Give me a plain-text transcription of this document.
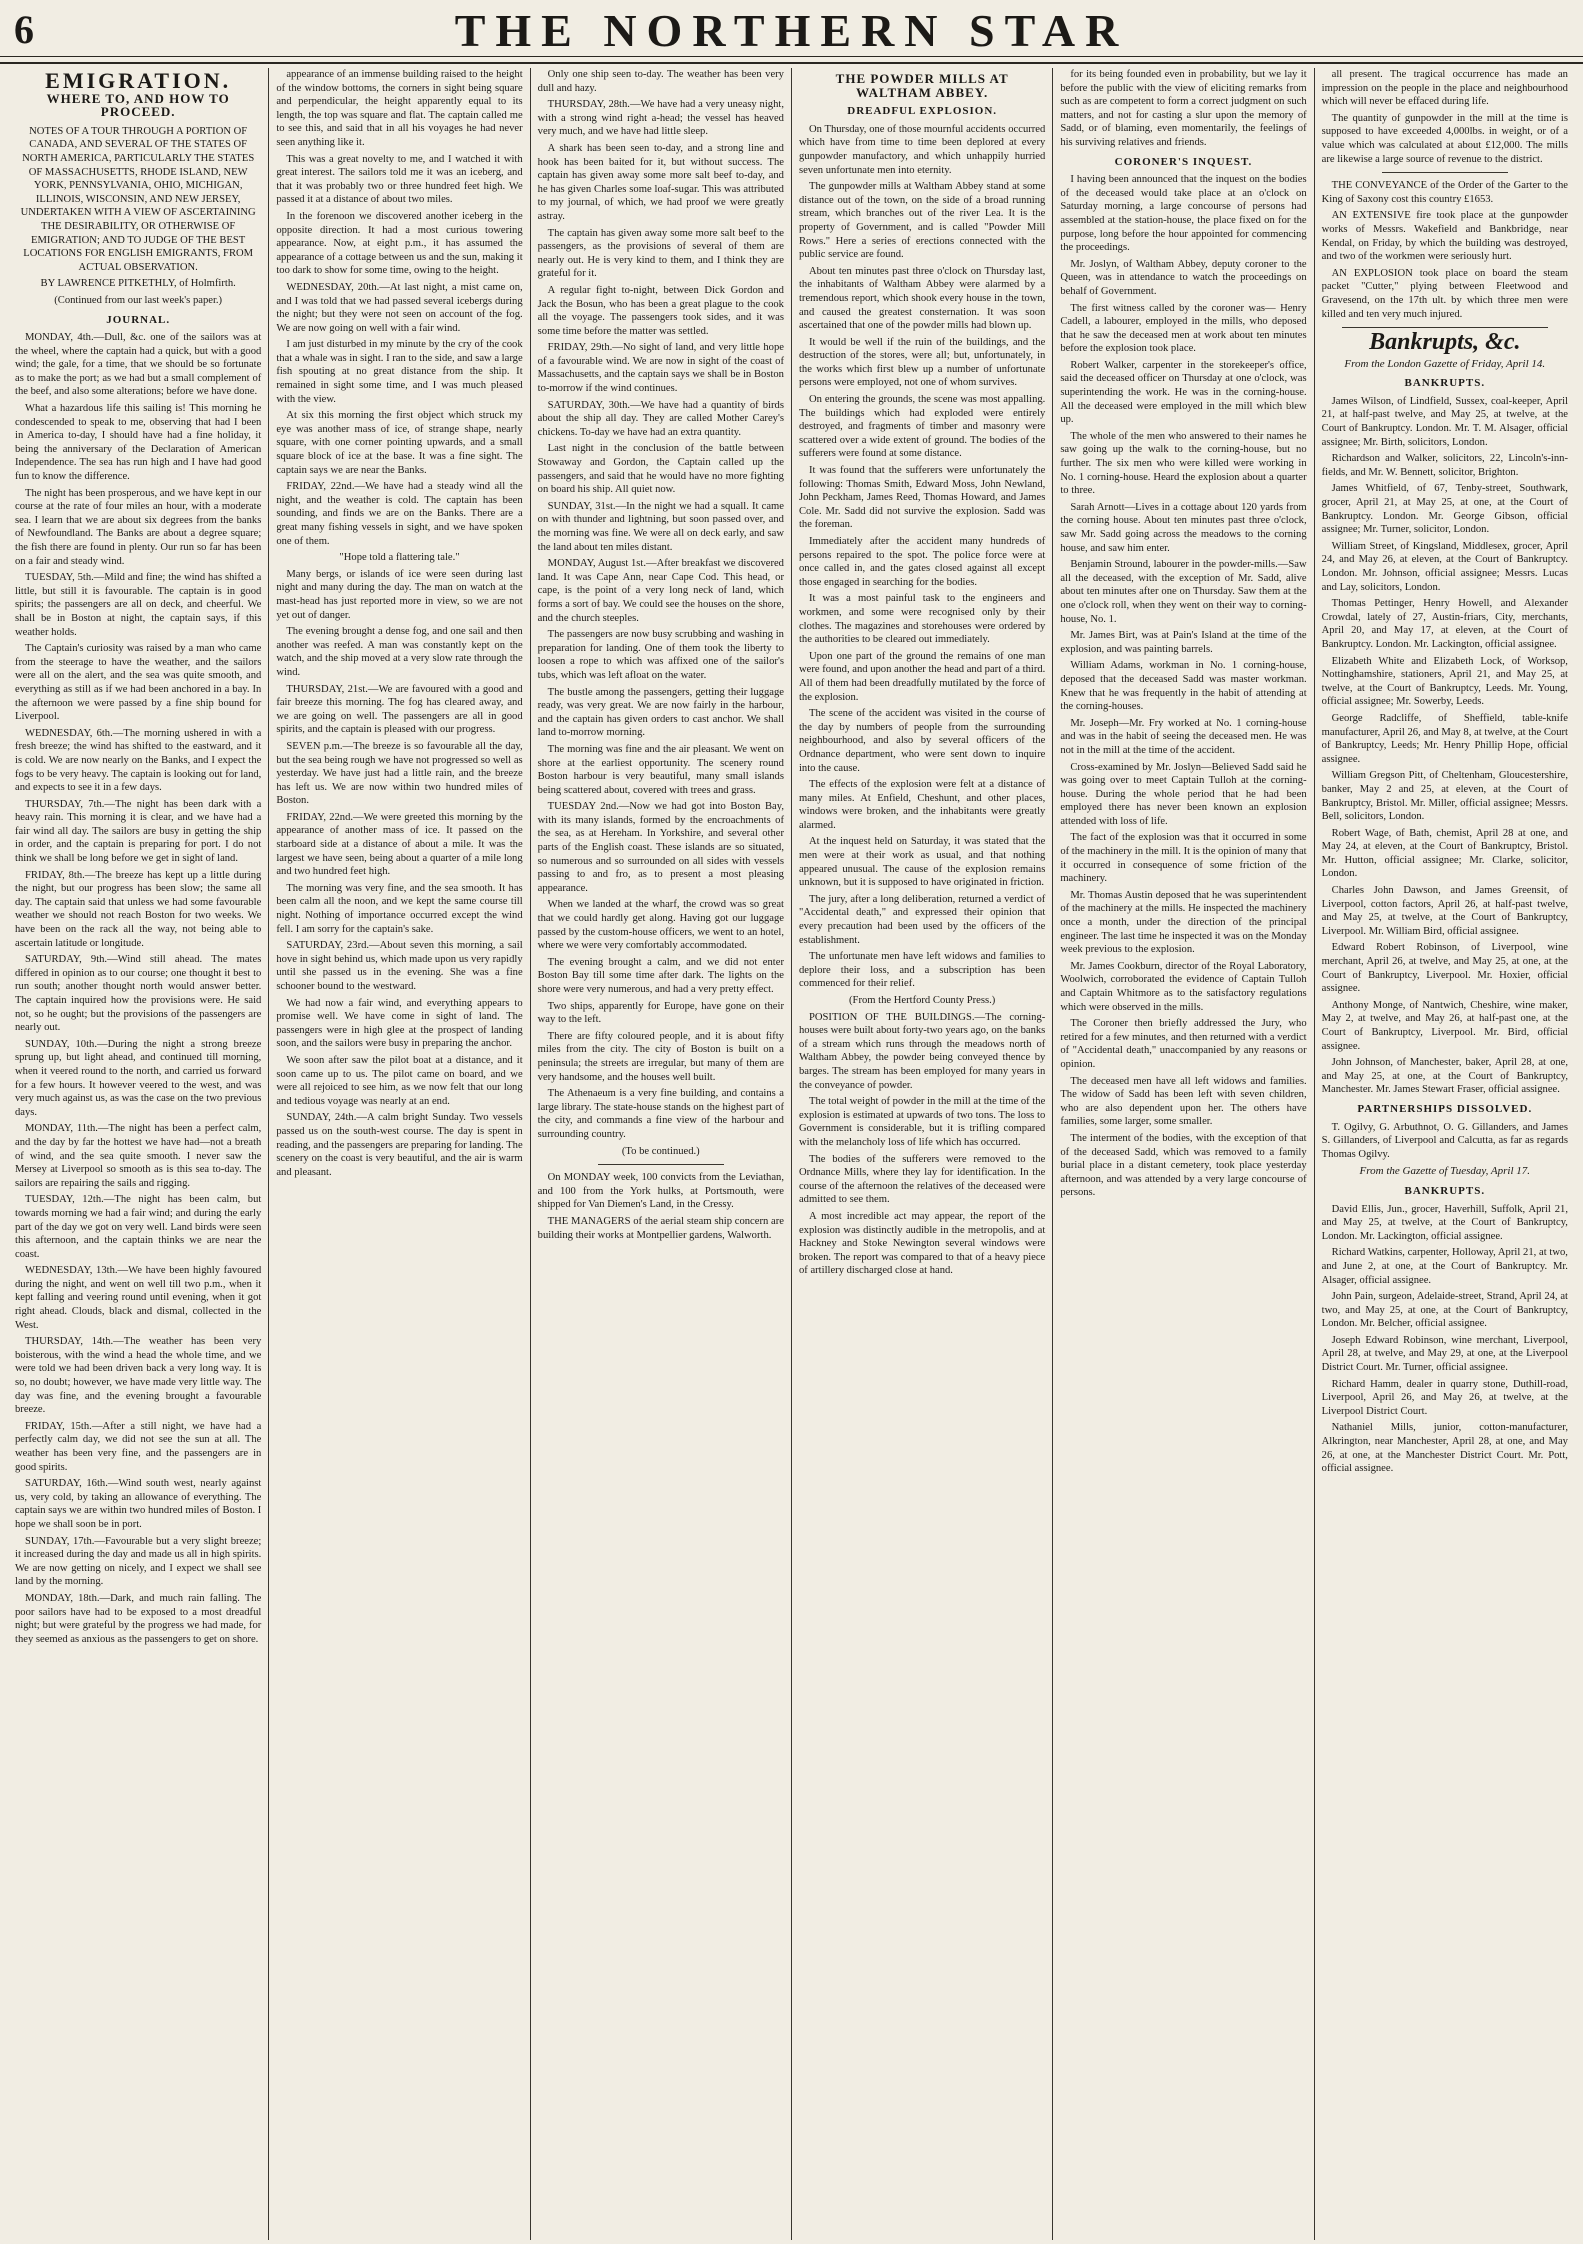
6	THE NORTHERN STAR
EMIGRATION.
WHERE TO, AND HOW TO PROCEED.

NOTES OF A TOUR THROUGH A PORTION OF CANADA, AND SEVERAL OF THE STATES OF NORTH AMERICA, PARTICULARLY THE STATES OF MASSACHUSETTS, RHODE ISLAND, NEW YORK, PENNSYLVANIA, OHIO, MICHIGAN, ILLINOIS, WISCONSIN, AND NEW JERSEY, UNDERTAKEN WITH A VIEW OF ASCERTAINING THE DESIRABILITY, OR OTHERWISE OF EMIGRATION; AND TO JUDGE OF THE BEST LOCATIONS FOR ENGLISH EMIGRANTS, FROM ACTUAL OBSERVATION.

BY LAWRENCE PITKETHLY, of Holmfirth.

(Continued from our last week's paper.)

JOURNAL.

MONDAY, 4th.—Dull, &c. one of the sailors was at the wheel, where the captain had a quick, but with a good wind; the gale, for a time, that we should be so fortunate as to make the port; as we had but a small complement of the beef, and also some alterations; before we have done.

What a hazardous life this sailing is! This morning he condescended to speak to me, observing that had I been in America to-day, I should have had a fine holiday, it being the anniversary of the Declaration of American Independence. The sea has run high and I have had good fun to know the difference.

The night has been prosperous, and we have kept in our course at the rate of four miles an hour, with a moderate sea. I learn that we are about six degrees from the banks of Newfoundland. The Banks are about a degree square; the fish there are found in plenty. Our run so far has been on a fair and steady wind.

TUESDAY, 5th.—Mild and fine; the wind has shifted a little, but still it is favourable. The captain is in good spirits; the passengers are all on deck, and cheerful. We shall be in Boston at night, the captain says, if this weather holds.

The Captain's curiosity was raised by a man who came from the steerage to have the weather, and the sailors were all on the alert, and the sea was quite smooth, and everything as still as if we had been anchored in a bay. In the afternoon we were passed by a fine ship bound for Liverpool.

WEDNESDAY, 6th.—The morning ushered in with a fresh breeze; the wind has shifted to the eastward, and it is cold. We are now nearly on the Banks, and I expect the fogs to be very heavy. The captain is looking out for land, and expects to see it in a few days.

THURSDAY, 7th.—The night has been dark with a heavy rain. This morning it is clear, and we have had a fair wind all day. The sailors are busy in getting the ship in order, and the captain is preparing for port. I do not think we shall be long before we get in sight of land.

FRIDAY, 8th.—The breeze has kept up a little during the night, but our progress has been slow; the same all day. The captain said that unless we had some favourable weather we should not reach Boston for two weeks. We have been on the rack all the way, not being able to ascertain latitude or longitude.

SATURDAY, 9th.—Wind still ahead. The mates differed in opinion as to our course; one thought it best to run south; another thought north would answer better. The captain inquired how the provisions were. He said not, so he ought; but the provisions of the passengers are nearly out.

SUNDAY, 10th.—During the night a strong breeze sprung up, but light ahead, and continued till morning, when it veered round to the north, and carried us forward for a few hours. It however veered to the west, and was very much against us, as was the case on the two previous days.

MONDAY, 11th.—The night has been a perfect calm, and the day by far the hottest we have had—not a breath of wind, and the sea quite smooth. I never saw the Mersey at Liverpool so smooth as is this sea to-day. The sailors are repairing the sails and rigging.

TUESDAY, 12th.—The night has been calm, but towards morning we had a fair wind; and during the early part of the day we got on very well. Land birds were seen this afternoon, and the captain thinks we are near the coast.

WEDNESDAY, 13th.—We have been highly favoured during the night, and went on well till two p.m., when it kept falling and veering round until evening, when it got right ahead. Clouds, black and dismal, collected in the West.

THURSDAY, 14th.—The weather has been very boisterous, with the wind a head the whole time, and we were told we had been driven back a very long way. It is so, no doubt; however, we have made very little way. The day was fine, and the evening brought a favourable breeze.

FRIDAY, 15th.—After a still night, we have had a perfectly calm day, we did not see the sun at all. The weather has been very fine, and the passengers are in good spirits.

SATURDAY, 16th.—Wind south west, nearly against us, very cold, by taking an allowance of everything. The captain says we are within two hundred miles of Boston. I hope we shall soon be in port.

SUNDAY, 17th.—Favourable but a very slight breeze; it increased during the day and made us all in high spirits. We are now getting on nicely, and I expect we shall see land by the morning.

MONDAY, 18th.—Dark, and much rain falling. The poor sailors have had to be exposed to a most dreadful night; but were grateful by the progress we had made, for they seemed as anxious as the passengers to get on shore.

appearance of an immense building raised to the height of the window bottoms, the corners in sight being square and perpendicular, the height apparently equal to its length, the top was square and flat. The captain called me to see this, and said that in all his voyages he had never seen anything like it.

This was a great novelty to me, and I watched it with great interest. The sailors told me it was an iceberg, and that it was probably two or three hundred feet high. We passed it at a distance of about two miles.

In the forenoon we discovered another iceberg in the opposite direction. It had a most curious towering appearance. Now, at eight p.m., it has assumed the appearance of a cottage between us and the sun, making it too dark to show for some time, owing to the height.

WEDNESDAY, 20th.—At last night, a mist came on, and I was told that we had passed several icebergs during the night; but they were not seen on account of the fog. We are now going on well with a fair wind.

I am just disturbed in my minute by the cry of the cook that a whale was in sight. I ran to the side, and saw a large fish spouting at no great distance from the ship. It remained in sight some time, and I was much pleased with the view.

At six this morning the first object which struck my eye was another mass of ice, of strange shape, nearly square, with one corner pointing upwards, and a small square block of ice at the base. It was a fine sight. The captain says we are near the Banks.

FRIDAY, 22nd.—We have had a steady wind all the night, and the weather is cold. The captain has been sounding, and finds we are on the Banks. There are a great many fishing vessels in sight, and we have spoken one of them.

"Hope told a flattering tale."

Many bergs, or islands of ice were seen during last night and many during the day. The man on watch at the mast-head has just reported more in view, so we are not yet out of danger.

The evening brought a dense fog, and one sail and then another was reefed. A man was constantly kept on the watch, and the ship moved at a very slow rate through the wind.

THURSDAY, 21st.—We are favoured with a good and fair breeze this morning. The fog has cleared away, and we are going on well. The passengers are all in good spirits, and the captain is pleased with our progress.

SEVEN p.m.—The breeze is so favourable all the day, but the sea being rough we have not progressed so well as yesterday. We have just had a little rain, and the breeze has left us. We are now within two hundred miles of Boston.

FRIDAY, 22nd.—We were greeted this morning by the appearance of another mass of ice. It passed on the starboard side at a distance of about a mile. It was the largest we have seen, being about a quarter of a mile long and two hundred feet high.

The morning was very fine, and the sea smooth. It has been calm all the noon, and we kept the same course till night. Nothing of importance occurred except the wind fell. I am sorry for the captain's sake.

SATURDAY, 23rd.—About seven this morning, a sail hove in sight behind us, which made upon us very rapidly until she passed us in the evening. She was a fine schooner bound to the westward.

We had now a fair wind, and everything appears to promise well. We have come in sight of land. The passengers were in high glee at the prospect of landing soon, and the sailors were busy in preparing the anchor.

We soon after saw the pilot boat at a distance, and it soon came up to us. The pilot came on board, and we were all rejoiced to see him, as we now felt that our long and tedious voyage was nearly at an end.

SUNDAY, 24th.—A calm bright Sunday. Two vessels passed us on the south-west course. The day is spent in reading, and the passengers are preparing for landing. The scenery on the coast is very beautiful, and the air is warm and pleasant.

Only one ship seen to-day. The weather has been very dull and hazy.

THURSDAY, 28th.—We have had a very uneasy night, with a strong wind right a-head; the vessel has heaved very much, and we have had little sleep.

A shark has been seen to-day, and a strong line and hook has been baited for it, but without success. The captain has given away some more salt beef to-day, and he has given Charles some loaf-sugar. This was attributed to my journal, of which, we had proof we were greatly astray.

The captain has given away some more salt beef to the passengers, as the provisions of several of them are nearly out. He is very kind to them, and I think they are grateful for it.

A regular fight to-night, between Dick Gordon and Jack the Bosun, who has been a great plague to the cook all the voyage. The passengers took sides, and it was some time before the matter was settled.

FRIDAY, 29th.—No sight of land, and very little hope of a favourable wind. We are now in sight of the coast of Massachusetts, and the captain says we shall be in Boston to-morrow if the wind continues.

SATURDAY, 30th.—We have had a quantity of birds about the ship all day. They are called Mother Carey's chickens. To-day we have had an extra quantity.

Last night in the conclusion of the battle between Stowaway and Gordon, the Captain called up the passengers, and said that he would have no more fighting on board his ship. All quiet now.

SUNDAY, 31st.—In the night we had a squall. It came on with thunder and lightning, but soon passed over, and the morning was fine. We were all on deck early, and saw the land about ten miles distant.

MONDAY, August 1st.—After breakfast we discovered land. It was Cape Ann, near Cape Cod. This head, or cape, is the point of a very long neck of land, which forms a sort of bay. We could see the houses on the shore, and the church steeples.

The passengers are now busy scrubbing and washing in preparation for landing. One of them took the liberty to loosen a rope to which was affixed one of the sailor's tubs, which was left afloat on the water.

The bustle among the passengers, getting their luggage ready, was very great. We are now fairly in the harbour, and the captain has given orders to cast anchor. We shall land to-morrow morning.

The morning was fine and the air pleasant. We went on shore at the earliest opportunity. The scenery round Boston harbour is very beautiful, many small islands being scattered about, covered with trees and grass.

TUESDAY 2nd.—Now we had got into Boston Bay, with its many islands, formed by the encroachments of the sea, as at Hereham. In Yorkshire, and several other parts of the English coast. These islands are so situated, so numerous and so surrounded on all sides with vessels passing to and fro, as to present a most pleasing appearance.

When we landed at the wharf, the crowd was so great that we could hardly get along. Having got our luggage passed by the custom-house officers, we went to an hotel, where we were very comfortably accommodated.

The evening brought a calm, and we did not enter Boston Bay till some time after dark. The lights on the shore were very numerous, and had a very pretty effect.

Two ships, apparently for Europe, have gone on their way to the left.

There are fifty coloured people, and it is about fifty miles from the city. The city of Boston is built on a peninsula; the streets are irregular, but many of them are very handsome, and the houses well built.

The Athenaeum is a very fine building, and contains a large library. The state-house stands on the highest part of the city, and commands a fine view of the harbour and surrounding country.

(To be continued.)

On MONDAY week, 100 convicts from the Leviathan, and 100 from the York hulks, at Portsmouth, were shipped for Van Diemen's Land, in the Cressy.

THE MANAGERS of the aerial steam ship concern are building their works at Montpellier gardens, Walworth.

THE POWDER MILLS AT WALTHAM ABBEY.
DREADFUL EXPLOSION.

On Thursday, one of those mournful accidents occurred which have from time to time been deplored at every gunpowder manufactory, and which unhappily hurried seven unfortunate men into eternity.

The gunpowder mills at Waltham Abbey stand at some distance out of the town, on the side of a broad running stream, which branches out of the river Lea. It is the property of Government, and is called "Powder Mill Rows." Here a series of erections connected with the public service are found.

About ten minutes past three o'clock on Thursday last, the inhabitants of Waltham Abbey were alarmed by a tremendous report, which shook every house in the town, and caused the greatest consternation. It was soon ascertained that one of the powder mills had blown up.

It would be well if the ruin of the buildings, and the destruction of the stores, were all; but, unfortunately, in the works which first blew up a number of unfortunate persons were employed, not one of whom survives.

On entering the grounds, the scene was most appalling. The buildings which had exploded were entirely destroyed, and fragments of timber and masonry were scattered over a wide extent of ground. The bodies of the sufferers were found at some distance.

It was found that the sufferers were unfortunately the following: Thomas Smith, Edward Moss, John Newland, John Peckham, James Reed, Thomas Howard, and James Cole. Mr. Sadd did not survive the explosion. Sadd was the foreman.

Immediately after the accident many hundreds of persons repaired to the spot. The police force were at once called in, and the gates closed against all except those engaged in searching for the bodies.

It was a most painful task to the engineers and workmen, and some were recognised only by their clothes. The magazines and storehouses were ordered by the authorities to be cleared out immediately.

Upon one part of the ground the remains of one man were found, and upon another the head and part of a third. All of them had been dreadfully mutilated by the force of the explosion.

The scene of the accident was visited in the course of the day by numbers of people from the surrounding neighbourhood, and also by several officers of the Ordnance department, who were sent down to inquire into the cause.

The effects of the explosion were felt at a distance of many miles. At Enfield, Cheshunt, and other places, windows were broken, and the inhabitants were greatly alarmed.

At the inquest held on Saturday, it was stated that the men were at their work as usual, and that nothing appeared unusual. The cause of the explosion remains unknown, but it is supposed to have originated in friction.

The jury, after a long deliberation, returned a verdict of "Accidental death," and expressed their opinion that every precaution had been used by the officers of the establishment.

The unfortunate men have left widows and families to deplore their loss, and a subscription has been commenced for their relief.

(From the Hertford County Press.)

POSITION OF THE BUILDINGS.—The corning-houses were built about forty-two years ago, on the banks of a stream which runs through the meadows north of Waltham Abbey, the powder being conveyed thence by barges. The stream has been employed for many years in the conveyance of powder.

The total weight of powder in the mill at the time of the explosion is estimated at upwards of two tons. The loss to Government is considerable, but it is trifling compared with the melancholy loss of life which has occurred.

The bodies of the sufferers were removed to the Ordnance Mills, where they lay for identification. In the course of the afternoon the relatives of the deceased were admitted to see them.

A most incredible act may appear, the report of the explosion was distinctly audible in the metropolis, and at Hackney and Stoke Newington several windows were broken. The report was compared to that of a heavy piece of artillery discharged close at hand.

for its being founded even in probability, but we lay it before the public with the view of eliciting remarks from such as are competent to form a correct judgment on such matters, and not for casting a slur upon the memory of Sadd, or of blaming, even momentarily, the feelings of his surviving relatives and friends.

CORONER'S INQUEST.

I having been announced that the inquest on the bodies of the deceased would take place at an o'clock on Saturday morning, a large concourse of persons had assembled at the station-house, the place fixed on for the purpose, long before the hour appointed for commencing the proceedings.

Mr. Joslyn, of Waltham Abbey, deputy coroner to the Queen, was in attendance to watch the proceedings on behalf of Government.

The first witness called by the coroner was— Henry Cadell, a labourer, employed in the mills, who deposed that he saw the deceased men at work about ten minutes before the explosion took place.

Robert Walker, carpenter in the storekeeper's office, said the deceased officer on Thursday at one o'clock, was superintending the work. He was in the corning-house. All the deceased were employed in the mill which blew up.

The whole of the men who answered to their names he saw going up the walk to the corning-house, but no further. The six men who were killed were working in No. 1 corning-house. Heard the explosion about a quarter to three.

Sarah Arnott—Lives in a cottage about 120 yards from the corning house. About ten minutes past three o'clock, saw Mr. Sadd going across the meadows to the corning house, and saw him enter.

Benjamin Stround, labourer in the powder-mills.—Saw all the deceased, with the exception of Mr. Sadd, alive about ten minutes after one on Thursday. Saw them at the one o'clock roll, when they went on their way to corning-house, No. 1.

Mr. James Birt, was at Pain's Island at the time of the explosion, and was painting barrels.

William Adams, workman in No. 1 corning-house, deposed that the deceased Sadd was master workman. Knew that he was frequently in the habit of attending at the corning-houses.

Mr. Joseph—Mr. Fry worked at No. 1 corning-house and was in the habit of seeing the deceased men. He was not in the mill at the time of the accident.

Cross-examined by Mr. Joslyn—Believed Sadd said he was going over to meet Captain Tulloh at the corning-house. During the whole period that he had been employed there has never been known an explosion attended with loss of life.

The fact of the explosion was that it occurred in some of the machinery in the mill. It is the opinion of many that it occurred in consequence of some friction of the machinery.

Mr. Thomas Austin deposed that he was superintendent of the machinery at the mills. He inspected the machinery once a month, under the direction of the principal engineer. The last time he inspected it was on the Monday week previous to the explosion.

Mr. James Cookburn, director of the Royal Laboratory, Woolwich, corroborated the evidence of Captain Tulloh and Captain Whitmore as to the satisfactory regulations which were observed in the mills.

The Coroner then briefly addressed the Jury, who retired for a few minutes, and then returned with a verdict of "Accidental death," unaccompanied by any reasons or opinion.

The deceased men have all left widows and families. The widow of Sadd has been left with seven children, who are also dependent upon her. The others have families, some larger, some smaller.

The interment of the bodies, with the exception of that of the deceased Sadd, which was removed to a family burial place in a distant cemetery, took place yesterday afternoon, and was attended by a very large concourse of persons.

all present. The tragical occurrence has made an impression on the people in the place and neighbourhood which will never be effaced during life.

The quantity of gunpowder in the mill at the time is supposed to have exceeded 4,000lbs. in weight, or of a value which was calculated at about £12,000. The mills are likewise a large source of revenue to the district.

THE CONVEYANCE of the Order of the Garter to the King of Saxony cost this country £1653.

AN EXTENSIVE fire took place at the gunpowder works of Messrs. Wakefield and Bankbridge, near Kendal, on Friday, by which the building was destroyed, and two of the workmen were seriously hurt.

AN EXPLOSION took place on board the steam packet "Cutter," plying between Fleetwood and Gravesend, on the 17th ult. by which three men were killed and ten very much injured.

Bankrupts, &c.
From the London Gazette of Friday, April 14.
BANKRUPTS.

James Wilson, of Lindfield, Sussex, coal-keeper, April 21, at half-past twelve, and May 25, at twelve, at the Court of Bankruptcy. London. Mr. T. M. Alsager, official assignee; Mr. Birth, solicitors, London.

Richardson and Walker, solicitors, 22, Lincoln's-inn-fields, and Mr. W. Bennett, solicitor, Brighton.

James Whitfield, of 67, Tenby-street, Southwark, grocer, April 21, at May 25, at one, at the Court of Bankruptcy. London. Mr. George Gibson, official assignee; Mr. Turner, solicitor, London.

William Street, of Kingsland, Middlesex, grocer, April 24, and May 26, at eleven, at the Court of Bankruptcy. London. Mr. Johnson, official assignee; Messrs. Lucas and Lay, solicitors, London.

Thomas Pettinger, Henry Howell, and Alexander Crowdal, lately of 27, Austin-friars, City, merchants, April 20, and May 17, at eleven, at the Court of Bankruptcy. London. Mr. Lackington, official assignee.

Elizabeth White and Elizabeth Lock, of Worksop, Nottinghamshire, stationers, April 21, and May 25, at twelve, at the Court of Bankruptcy, Leeds. Mr. Young, official assignee; Mr. Sowerby, Leeds.

George Radcliffe, of Sheffield, table-knife manufacturer, April 26, and May 8, at twelve, at the Court of Bankruptcy, Leeds; Mr. Henry Phillip Hope, official assignee.

William Gregson Pitt, of Cheltenham, Gloucestershire, banker, May 2 and 25, at eleven, at the Court of Bankruptcy, Bristol. Mr. Miller, official assignee; Messrs. Bell, solicitors, London.

Robert Wage, of Bath, chemist, April 28 at one, and May 24, at eleven, at the Court of Bankruptcy, Bristol. Mr. Hutton, official assignee; Mr. Clarke, solicitor, London.

Charles John Dawson, and James Greensit, of Liverpool, cotton factors, April 26, at half-past twelve, and May 25, at twelve, at the Court of Bankruptcy, Liverpool. Mr. William Bird, official assignee.

Edward Robert Robinson, of Liverpool, wine merchant, April 26, at twelve, and May 25, at one, at the Court of Bankruptcy, Liverpool. Mr. Hoxier, official assignee.

Anthony Monge, of Nantwich, Cheshire, wine maker, May 2, at twelve, and May 26, at half-past one, at the Court of Bankruptcy, Liverpool. Mr. Bird, official assignee.

John Johnson, of Manchester, baker, April 28, at one, and May 25, at one, at the Court of Bankruptcy, Manchester. Mr. James Stewart Fraser, official assignee.

PARTNERSHIPS DISSOLVED.

T. Ogilvy, G. Arbuthnot, O. G. Gillanders, and James S. Gillanders, of Liverpool and Calcutta, as far as regards Thomas Ogilvy.

From the Gazette of Tuesday, April 17.
BANKRUPTS.

David Ellis, Jun., grocer, Haverhill, Suffolk, April 21, and May 25, at twelve, at the Court of Bankruptcy, London. Mr. Lackington, official assignee.

Richard Watkins, carpenter, Holloway, April 21, at two, and June 2, at one, at the Court of Bankruptcy. Mr. Alsager, official assignee.

John Pain, surgeon, Adelaide-street, Strand, April 24, at two, and May 25, at one, at the Court of Bankruptcy, London. Mr. Belcher, official assignee.

Joseph Edward Robinson, wine merchant, Liverpool, April 28, at twelve, and May 29, at one, at the Liverpool District Court. Mr. Turner, official assignee.

Richard Hamm, dealer in quarry stone, Duthill-road, Liverpool, April 26, and May 26, at twelve, at the Liverpool District Court.

Nathaniel Mills, junior, cotton-manufacturer, Alkrington, near Manchester, April 28, at one, and May 26, at one, at the Manchester District Court. Mr. Pott, official assignee.
